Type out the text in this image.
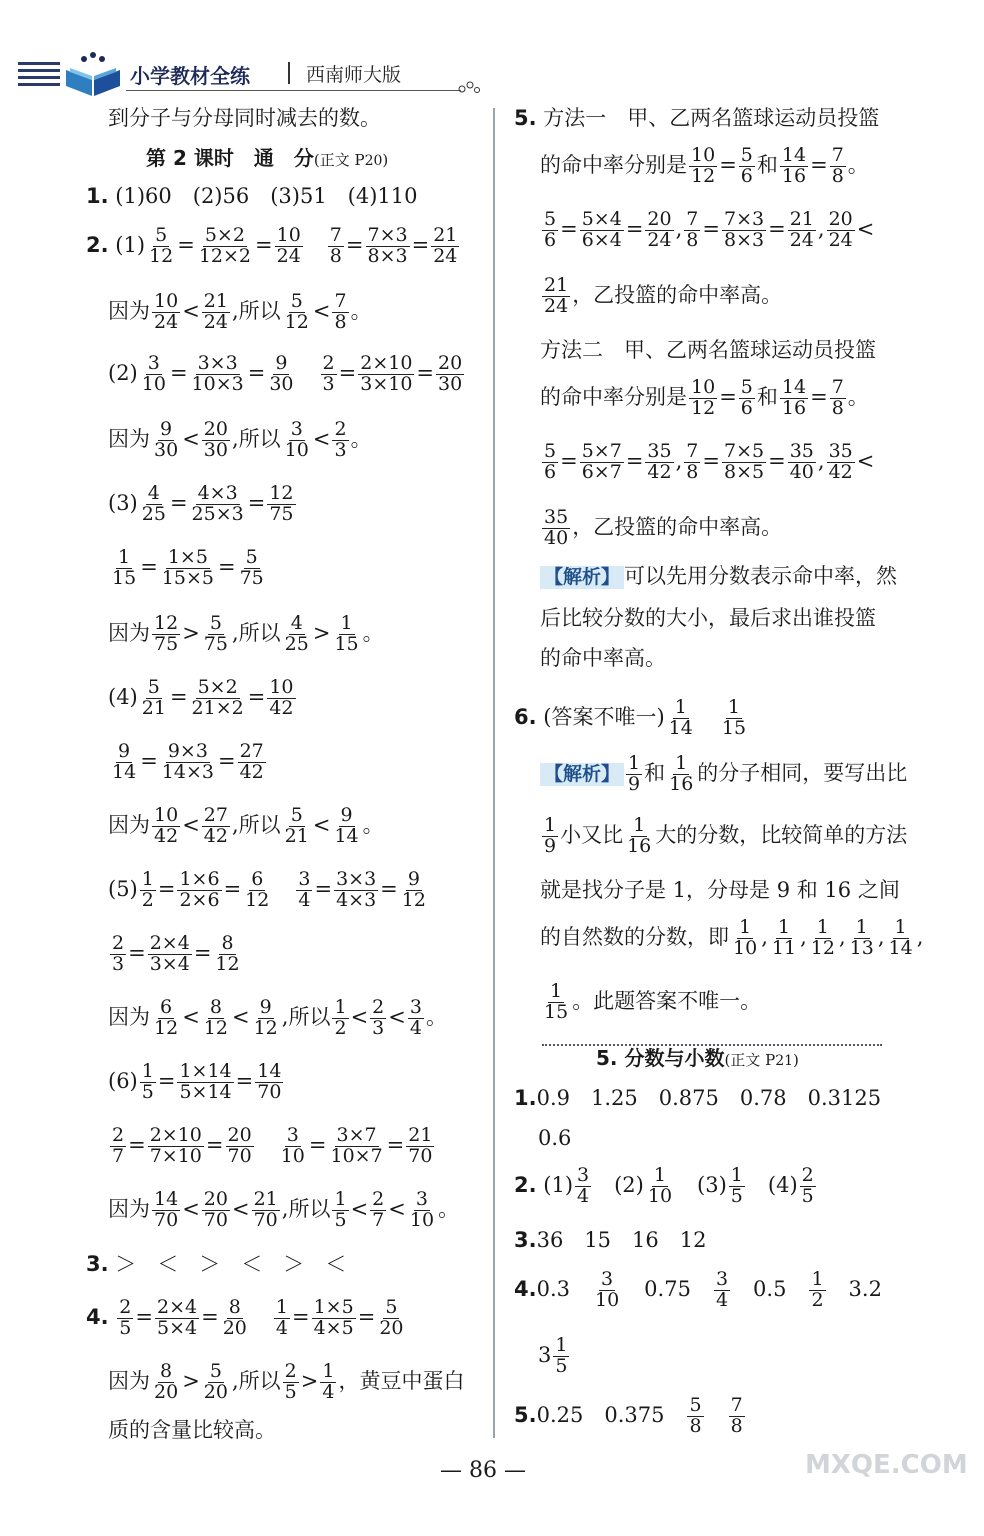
小学教材全练	西南师大版
到分子与分母同时减去的数。
第 2 课时　通　分(正文 P20)
1. (1)60　(2)56　(3)51　(4)110
2. $(1) \frac{5}{12} = \frac{5\times 2}{12\times 2} = \frac{10}{24}$
　 $\frac{7}{8} = \frac{7\times 3}{8\times 3} = \frac{21}{24}$
因为 $\frac{10}{24} < \frac{21}{24}$ ,所以 $\frac{5}{12} < \frac{7}{8}$ 。
$(2) \frac{3}{10} = \frac{3\times 3}{10\times 3} = \frac{9}{30}$
　 $\frac{2}{3} = \frac{2\times 10}{3\times 10} = \frac{20}{30}$
因为 $\frac{9}{30} < \frac{20}{30}$ ,所以 $\frac{3}{10} < \frac{2}{3}$ 。
$(3) \frac{4}{25} = \frac{4\times 3}{25\times 3} = \frac{12}{75}$
$\frac{1}{15} = \frac{1\times 5}{15\times 5} = \frac{5}{75}$
因为 $\frac{12}{75} > \frac{5}{75}$ ,所以 $\frac{4}{25} > \frac{1}{15}$ 。
$(4) \frac{5}{21} = \frac{5\times 2}{21\times 2} = \frac{10}{42}$
$\frac{9}{14} = \frac{9\times 3}{14\times 3} = \frac{27}{42}$
因为 $\frac{10}{42} < \frac{27}{42}$ ,所以 $\frac{5}{21} < \frac{9}{14}$ 。
$(5) \frac{1}{2} = \frac{1\times 6}{2\times 6} = \frac{6}{12}$
　 $\frac{3}{4} = \frac{3\times 3}{4\times 3} = \frac{9}{12}$
$\frac{2}{3} = \frac{2\times 4}{3\times 4} = \frac{8}{12}$
因为 $\frac{6}{12} < \frac{8}{12} < \frac{9}{12}$ ,所以 $\frac{1}{2} < \frac{2}{3} < \frac{3}{4}$ 。
$(6) \frac{1}{5} = \frac{1\times 14}{5\times 14} = \frac{14}{70}$
$\frac{2}{7} = \frac{2\times 10}{7\times 10} = \frac{20}{70}$
　 $\frac{3}{10} = \frac{3\times 7}{10\times 7} = \frac{21}{70}$
因为 $\frac{14}{70} < \frac{20}{70} < \frac{21}{70}$ ,所以 $\frac{1}{5} < \frac{2}{7} < \frac{3}{10}$ 。
3. ＞　＜　＞　＜　＞　＜
4. $\frac{2}{5} = \frac{2\times 4}{5\times 4} = \frac{8}{20}$
　 $\frac{1}{4} = \frac{1\times 5}{4\times 5} = \frac{5}{20}$
因为 $\frac{8}{20} > \frac{5}{20}$ ,所以 $\frac{2}{5} > \frac{1}{4}$ ，黄豆中蛋白
质的含量比较高。
5. 方法一　甲、乙两名篮球运动员投篮
的命中率分别是 $\frac{10}{12} = \frac{5}{6}$ 和 $\frac{14}{16} = \frac{7}{8}$ 。
$\frac{5}{6} = \frac{5\times 4}{6\times 4} = \frac{20}{24}$ , $\frac{7}{8} = \frac{7\times 3}{8\times 3} = \frac{21}{24}$ , $\frac{20}{24}$ <
$\frac{21}{24}$ ，乙投篮的命中率高。
方法二　甲、乙两名篮球运动员投篮
的命中率分别是 $\frac{10}{12} = \frac{5}{6}$ 和 $\frac{14}{16} = \frac{7}{8}$ 。
$\frac{5}{6} = \frac{5\times 7}{6\times 7} = \frac{35}{42}$ , $\frac{7}{8} = \frac{7\times 5}{8\times 5} = \frac{35}{40}$ , $\frac{35}{42}$ <
$\frac{35}{40}$ ，乙投篮的命中率高。
【解析】 可以先用分数表示命中率，然
后比较分数的大小，最后求出谁投篮
的命中率高。
6. (答案不唯一) $\frac{1}{14}$
　 $\frac{1}{15}$
【解析】 $\frac{1}{9}$ 和 $\frac{1}{16}$ 的分子相同，要写出比
$\frac{1}{9}$ 小又比 $\frac{1}{16}$ 大的分数，比较简单的方法
就是找分子是 1，分母是 9 和 16 之间
的自然数的分数，即 $\frac{1}{10}$ , $\frac{1}{11}$ , $\frac{1}{12}$ , $\frac{1}{13}$ , $\frac{1}{14}$ ,
$\frac{1}{15}$ 。此题答案不唯一。
5. 分数与小数(正文 P21)
1.0.9　1.25　0.875　0.78　0.3125
0.6
2. $(1) \frac{3}{4}$ 　$(2) \frac{1}{10}$ 　$(3) \frac{1}{5}$ 　$(4) \frac{2}{5}$
3.36　15　16　12
4.0.3　 $\frac{3}{10}$ 　0.75　 $\frac{3}{4}$ 　0.5　 $\frac{1}{2}$ 　3.2
$3 \frac{1}{5}$
5.0.25　0.375　 $\frac{5}{8}$
　 $\frac{7}{8}$
— 86 —	MXQE.COM
